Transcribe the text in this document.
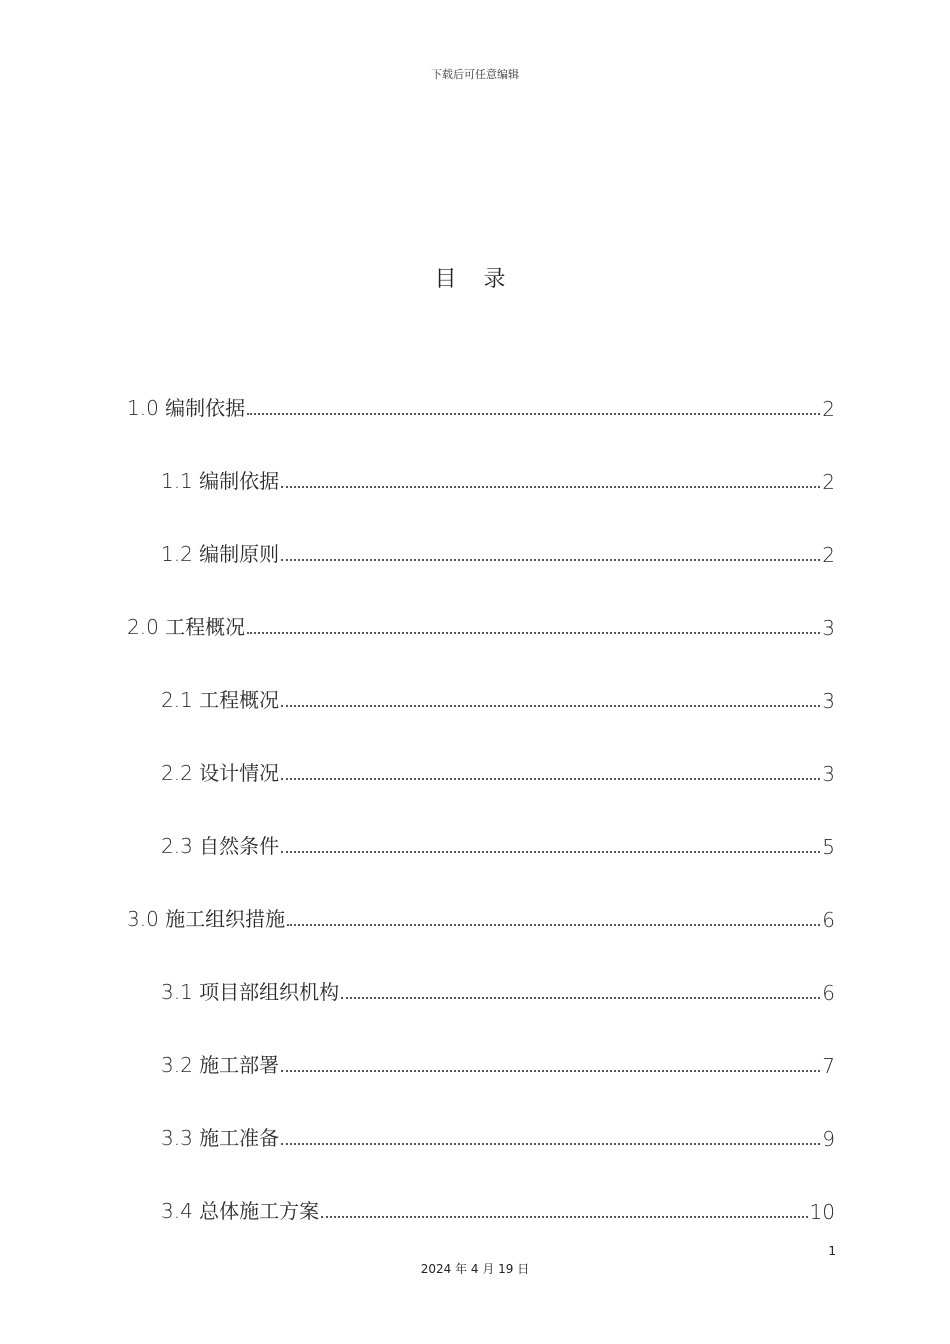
下载后可任意编辑
目 录
1.0 编制依据	2
1.1 编制依据	2
1.2 编制原则	2
2.0 工程概况	3
2.1 工程概况	3
2.2 设计情况	3
2.3 自然条件	5
3.0 施工组织措施	6
3.1 项目部组织机构	6
3.2 施工部署	7
3.3 施工准备	9
3.4 总体施工方案	10
1
2024 年 4 月 19 日
